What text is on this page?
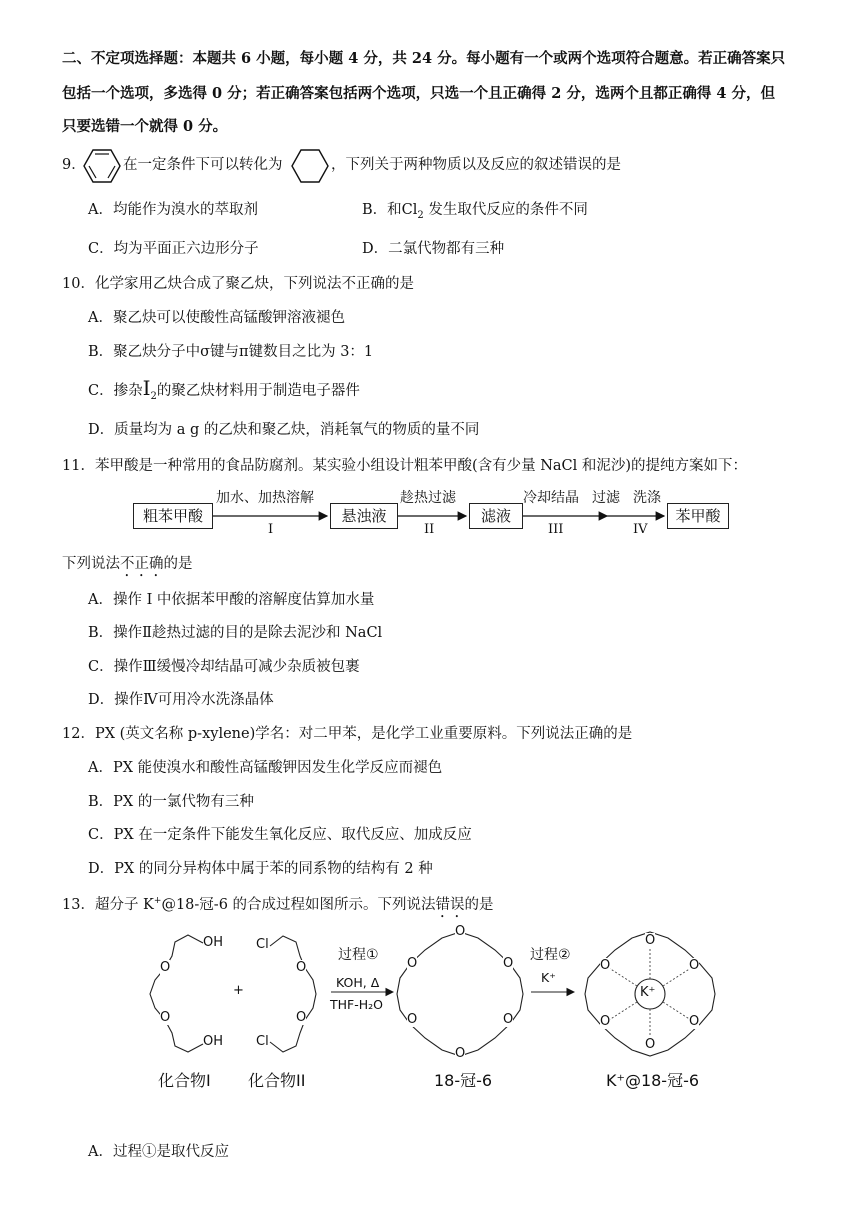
二、不定项选择题：本题共 6 小题，每小题 4 分，共 24 分。每小题有一个或两个选项符合题意。若正确答案只
包括一个选项，多选得 0 分；若正确答案包括两个选项，只选一个且正确得 2 分，选两个且都正确得 4 分，但
只要选错一个就得 0 分。
9．	在一定条件下可以转化为	，下列关于两种物质以及反应的叙述错误的是
A．均能作为溴水的萃取剂	B．和$Cl_2$ 发生取代反应的条件不同
C．均为平面正六边形分子	D．二氯代物都有三种
10．化学家用乙炔合成了聚乙炔，下列说法不正确的是
A．聚乙炔可以使酸性高锰酸钾溶液褪色
B．聚乙炔分子中σ键与π键数目之比为 3：1
C．掺杂$I_2$的聚乙炔材料用于制造电子器件
D．质量均为 a g 的乙炔和聚乙炔，消耗氧气的物质的量不同
11．苯甲酸是一种常用的食品防腐剂。某实验小组设计粗苯甲酸(含有少量 NaCl 和泥沙)的提纯方案如下：
粗苯甲酸	悬浊液	滤液	苯甲酸
加水、加热溶解
I
趁热过滤
II
冷却结晶 过滤
III
洗涤
IV
下列说法不正确的是
A．操作 I 中依据苯甲酸的溶解度估算加水量
B．操作Ⅱ趁热过滤的目的是除去泥沙和 NaCl
C．操作Ⅲ缓慢冷却结晶可减少杂质被包裹
D．操作Ⅳ可用冷水洗涤晶体
12．PX (英文名称 p-xylene)学名：对二甲苯，是化学工业重要原料。下列说法正确的是
A．PX 能使溴水和酸性高锰酸钾因发生化学反应而褪色
B．PX 的一氯代物有三种
C．PX 在一定条件下能发生氧化反应、取代反应、加成反应
D．PX 的同分异构体中属于苯的同系物的结构有 2 种
13．超分子 K+@18-冠-6 的合成过程如图所示。下列说法错误的是
OH
O
O
OH
+
Cl
O
O
Cl
O
O
O
O
O
O
O
O
O
O
O
O
K⁺
过程①
KOH, Δ
THF-H₂O
过程②
K⁺
化合物I 化合物II	18-冠-6	K⁺@18-冠-6
A．过程①是取代反应
